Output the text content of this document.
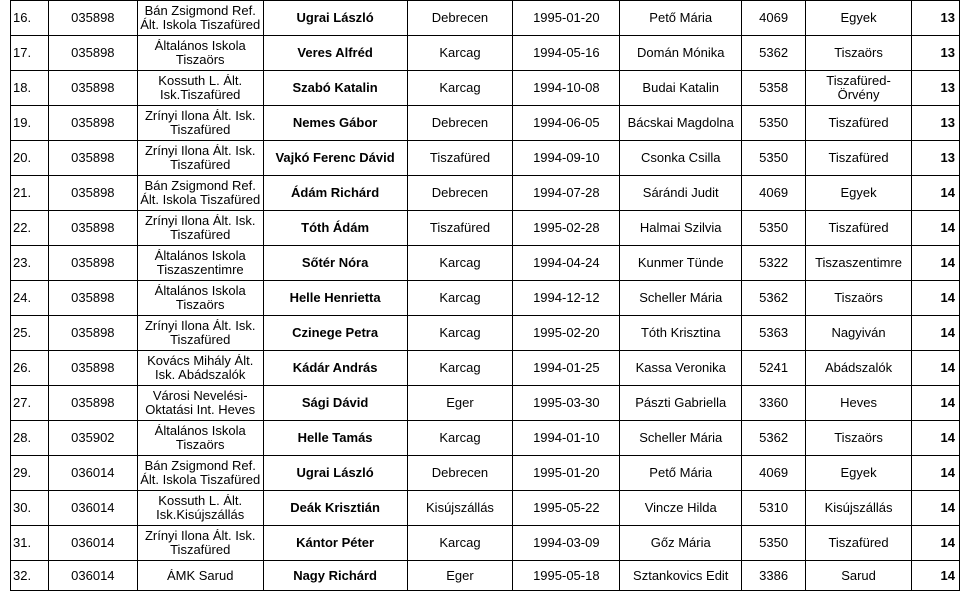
16.	035898	Bán Zsigmond Ref. Ált. Iskola Tiszafüred	Ugrai László	Debrecen	1995-01-20	Pető Mária	4069	Egyek	13
17.	035898	Általános Iskola Tiszaörs	Veres Alfréd	Karcag	1994-05-16	Domán Mónika	5362	Tiszaörs	13
18.	035898	Kossuth L. Ált. Isk.Tiszafüred	Szabó Katalin	Karcag	1994-10-08	Budai Katalin	5358	Tiszafüred-Örvény	13
19.	035898	Zrínyi Ilona Ált. Isk. Tiszafüred	Nemes Gábor	Debrecen	1994-06-05	Bácskai Magdolna	5350	Tiszafüred	13
20.	035898	Zrínyi Ilona Ált. Isk. Tiszafüred	Vajkó Ferenc Dávid	Tiszafüred	1994-09-10	Csonka Csilla	5350	Tiszafüred	13
21.	035898	Bán Zsigmond Ref. Ált. Iskola Tiszafüred	Ádám Richárd	Debrecen	1994-07-28	Sárándi Judit	4069	Egyek	14
22.	035898	Zrínyi Ilona Ált. Isk. Tiszafüred	Tóth Ádám	Tiszafüred	1995-02-28	Halmai Szilvia	5350	Tiszafüred	14
23.	035898	Általános Iskola Tiszaszentimre	Sőtér Nóra	Karcag	1994-04-24	Kunmer Tünde	5322	Tiszaszentimre	14
24.	035898	Általános Iskola Tiszaörs	Helle Henrietta	Karcag	1994-12-12	Scheller Mária	5362	Tiszaörs	14
25.	035898	Zrínyi Ilona Ált. Isk. Tiszafüred	Czinege Petra	Karcag	1995-02-20	Tóth Krisztina	5363	Nagyiván	14
26.	035898	Kovács Mihály Ált. Isk. Abádszalók	Kádár András	Karcag	1994-01-25	Kassa Veronika	5241	Abádszalók	14
27.	035898	Városi Nevelési-Oktatási Int. Heves	Sági Dávid	Eger	1995-03-30	Pászti Gabriella	3360	Heves	14
28.	035902	Általános Iskola Tiszaörs	Helle Tamás	Karcag	1994-01-10	Scheller Mária	5362	Tiszaörs	14
29.	036014	Bán Zsigmond Ref. Ált. Iskola Tiszafüred	Ugrai László	Debrecen	1995-01-20	Pető Mária	4069	Egyek	14
30.	036014	Kossuth L. Ált. Isk.Kisújszállás	Deák Krisztián	Kisújszállás	1995-05-22	Vincze Hilda	5310	Kisújszállás	14
31.	036014	Zrínyi Ilona Ált. Isk. Tiszafüred	Kántor Péter	Karcag	1994-03-09	Gőz Mária	5350	Tiszafüred	14
32.	036014	ÁMK Sarud	Nagy Richárd	Eger	1995-05-18	Sztankovics Edit	3386	Sarud	14
